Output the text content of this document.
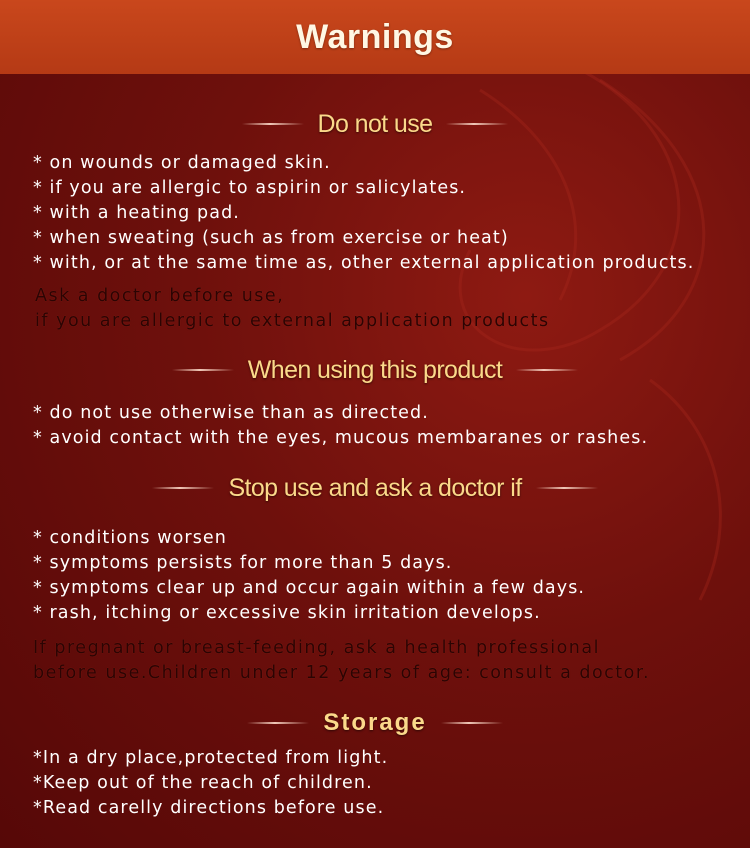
Warnings
Do not use
* on wounds or damaged skin.
* if you are allergic to aspirin or salicylates.
* with a heating pad.
* when sweating (such as from exercise or heat)
* with, or at the same time as, other external application products.
Ask a doctor before use,
if you are allergic to external application products
When using this product
* do not use otherwise than as directed.
* avoid contact with the eyes, mucous membaranes or rashes.
Stop use and ask a doctor if
* conditions worsen
* symptoms persists for more than 5 days.
* symptoms clear up and occur again within a few days.
* rash, itching or excessive skin irritation develops.
If pregnant or breast-feeding, ask a health professional
before use.Children under 12 years of age: consult a doctor.
Storage
*In a dry place,protected from light.
*Keep out of the reach of children.
*Read carelly directions before use.
